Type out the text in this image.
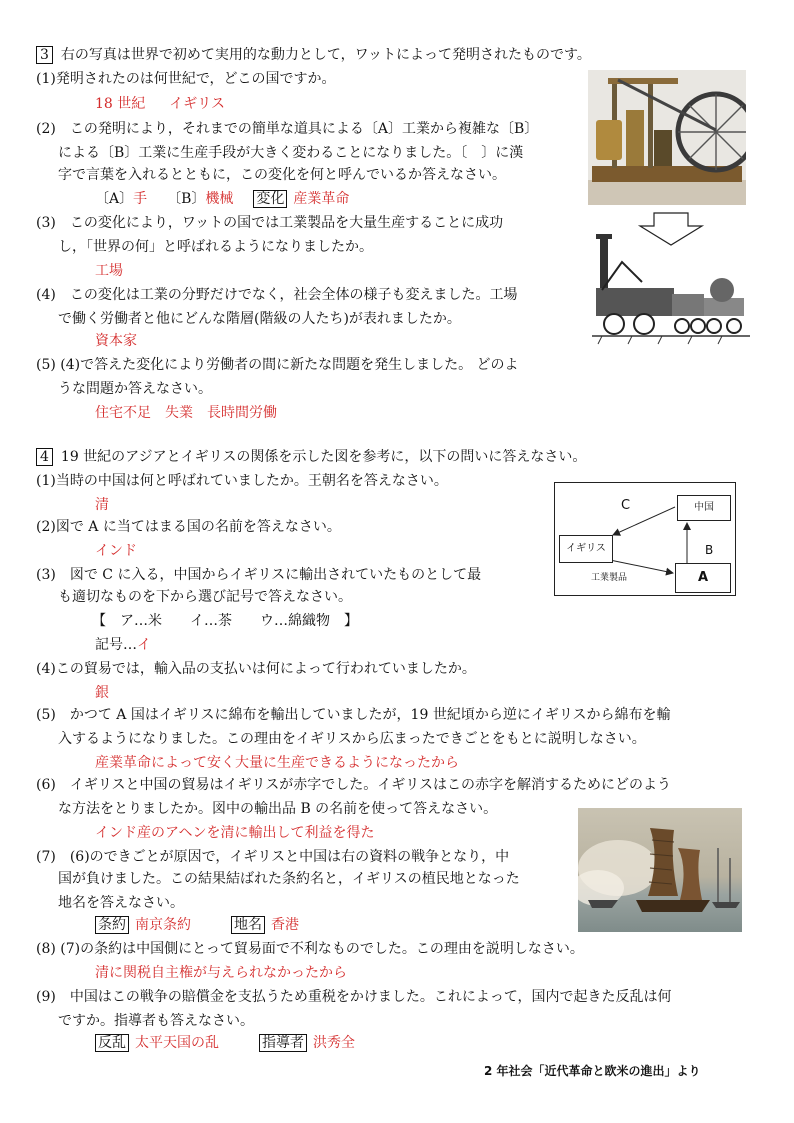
3 右の写真は世界で初めて実用的な動力として，ワットによって発明されたものです。
(1)発明されたのは何世紀で，どこの国ですか。
18 世紀 イギリス
(2)　この発明により，それまでの簡単な道具による〔A〕工業から複雑な〔B〕
による〔B〕工業に生産手段が大きく変わることになりました。〔　〕に漢
字で言葉を入れるとともに，この変化を何と呼んでいるか答えなさい。
〔A〕手 〔B〕機械 変化 産業革命
(3)　この変化により，ワットの国では工業製品を大量生産することに成功
し，「世界の何」と呼ばれるようになりましたか。
工場
(4)　この変化は工業の分野だけでなく，社会全体の様子も変えました。工場
で働く労働者と他にどんな階層(階級の人たち)が表れましたか。
資本家
(5) (4)で答えた変化により労働者の間に新たな問題を発生しました。 どのよ
うな問題か答えなさい。
住宅不足　失業　長時間労働
4 19 世紀のアジアとイギリスの関係を示した図を参考に，以下の問いに答えなさい。
(1)当時の中国は何と呼ばれていましたか。王朝名を答えなさい。
清
(2)図で A に当てはまる国の名前を答えなさい。
インド
(3)　図で C に入る，中国からイギリスに輸出されていたものとして最
も適切なものを下から選び記号で答えなさい。
【　ア…米　　イ…茶　　ウ…綿織物　】
記号…イ
(4)この貿易では，輸入品の支払いは何によって行われていましたか。
銀
(5)　かつて A 国はイギリスに綿布を輸出していましたが，19 世紀頃から逆にイギリスから綿布を輸
入するようになりました。この理由をイギリスから広まったできごとをもとに説明しなさい。
産業革命によって安く大量に生産できるようになったから
(6)　イギリスと中国の貿易はイギリスが赤字でした。イギリスはこの赤字を解消するためにどのよう
な方法をとりましたか。図中の輸出品 B の名前を使って答えなさい。
インド産のアヘンを清に輸出して利益を得た
(7)　(6)のできごとが原因で，イギリスと中国は右の資料の戦争となり，中
国が負けました。この結果結ばれた条約名と，イギリスの植民地となった
地名を答えなさい。
条約 南京条約	地名 香港
(8) (7)の条約は中国側にとって貿易面で不利なものでした。この理由を説明しなさい。
清に関税自主権が与えられなかったから
(9)　中国はこの戦争の賠償金を支払うため重税をかけました。これによって，国内で起きた反乱は何
ですか。指導者も答えなさい。
反乱 太平天国の乱	指導者 洪秀全
C
B
中国
イギリス
A
工業製品
2 年社会「近代革命と欧米の進出」より
